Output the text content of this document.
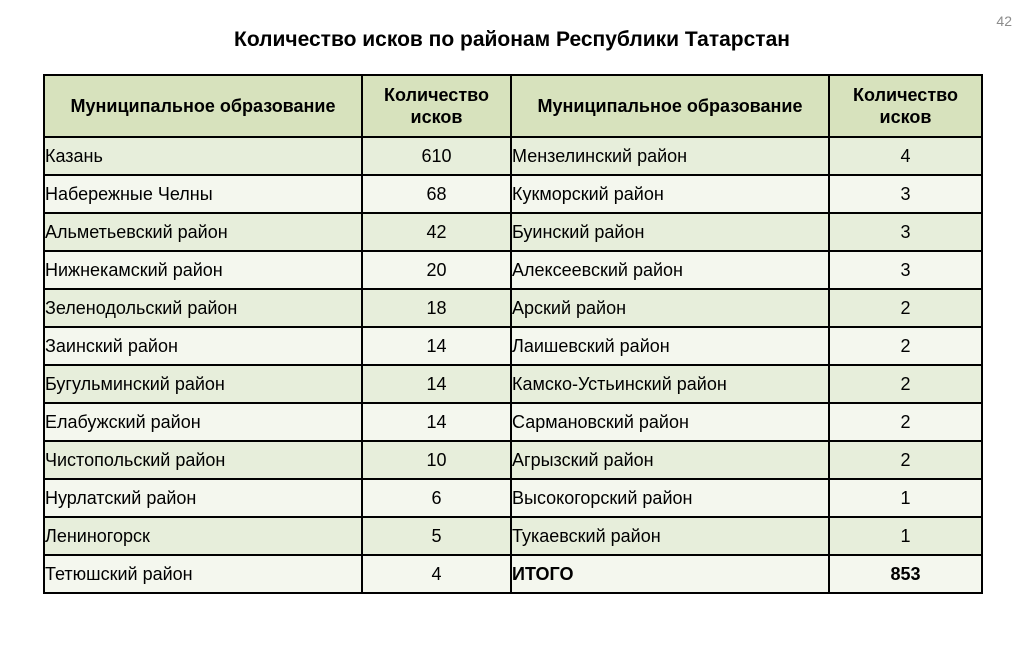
42
Количество исков по районам Республики Татарстан
Муниципальное образование	Количество исков	Муниципальное образование	Количество исков
Казань	610	Мензелинский район	4
Набережные Челны	68	Кукморский район	3
Альметьевский район	42	Буинский район	3
Нижнекамский район	20	Алексеевский район	3
Зеленодольский район	18	Арский район	2
Заинский район	14	Лаишевский район	2
Бугульминский район	14	Камско-Устьинский район	2
Елабужский район	14	Сармановский район	2
Чистопольский район	10	Агрызский район	2
Нурлатский район	6	Высокогорский район	1
Лениногорск	5	Тукаевский район	1
Тетюшский район	4	ИТОГО	853
